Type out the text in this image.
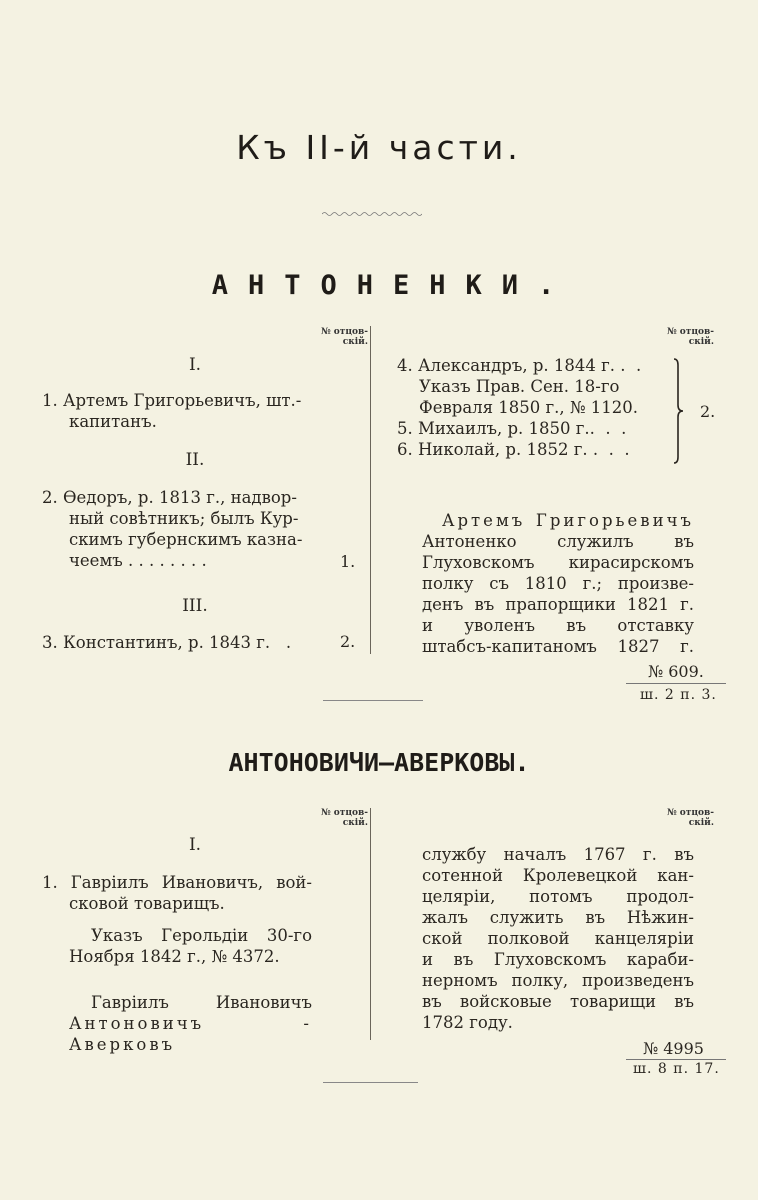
Къ II-й части.
АНТОНЕНКИ.
№ отцов-
скій.
I.
1. Артемъ Григорьевичъ, шт.-
капитанъ.
II.
2. Өедоръ, р. 1813 г., надвор-
ный совѣтникъ; былъ Кур-
скимъ губернскимъ казна-
чеемъ . . . . . . . .	1.
III.
3. Константинъ, р. 1843 г.   .	2.
№ отцов-
скій.
4. Александръ, р. 1844 г. .  .
Указъ Прав. Сен. 18-го
Февраля 1850 г., № 1120.
5. Михаилъ, р. 1850 г..  .  .
6. Николай, р. 1852 г. .  .  .
2.
Артемъ Григорьевичъ
Антоненко служилъ въ
Глуховскомъ кирасирскомъ
полку съ 1810 г.; произве-
денъ въ прапорщики 1821 г.
и уволенъ въ отставку
штабсъ-капитаномъ 1827 г.
№ 609.
ш. 2 п. 3.
АНТОНОВИЧИ—АВЕРКОВЫ.
№ отцов-
скій.
I.
1. Гавріилъ Ивановичъ, вой-
сковой товарищъ.
Указъ Герольдіи 30-го
Ноября 1842 г., № 4372.
Гавріилъ Ивановичъ
Антоновичъ - Аверковъ
№ отцов-
скій.
службу началъ 1767 г. въ
сотенной Кролевецкой кан-
целяріи, потомъ продол-
жалъ служить въ Нѣжин-
ской полковой канцеляріи
и въ Глуховскомъ караби-
нерномъ полку, произведенъ
въ войсковые товарищи въ
1782 году.
№ 4995
ш. 8 п. 17.
